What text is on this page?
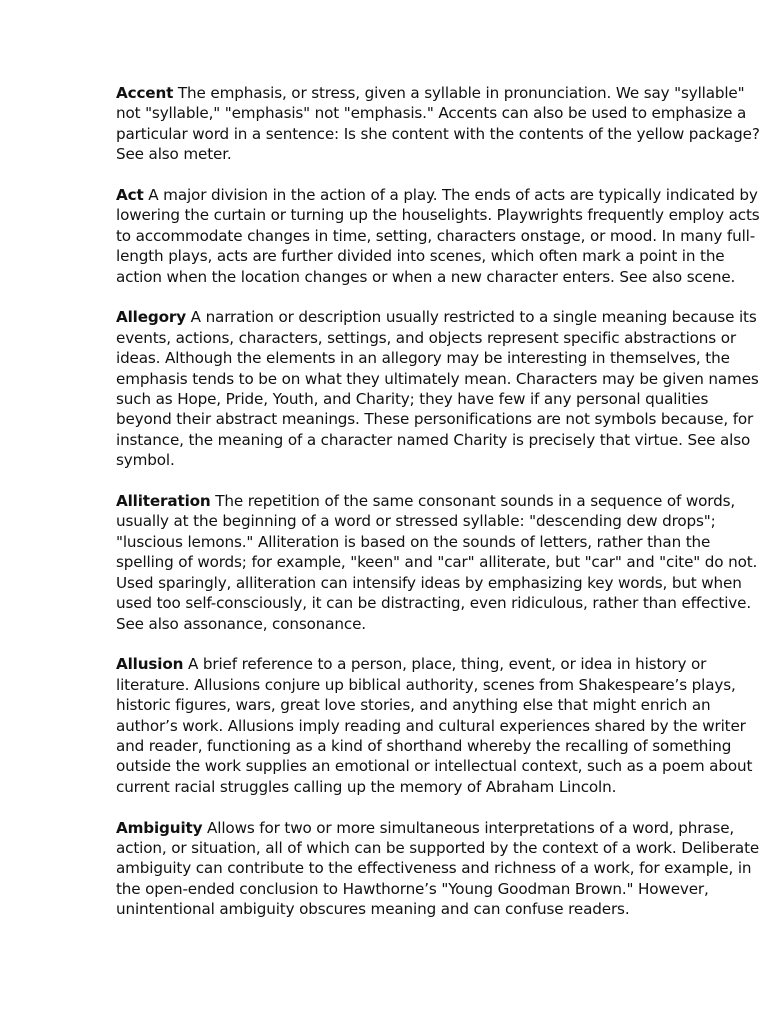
Accent The emphasis, or stress, given a syllable in pronunciation. We say "syllable" not "syllable," "emphasis" not "emphasis." Accents can also be used to emphasize a particular word in a sentence: Is she content with the contents of the yellow package? See also meter.

Act A major division in the action of a play. The ends of acts are typically indicated by lowering the curtain or turning up the houselights. Playwrights frequently employ acts to accommodate changes in time, setting, characters onstage, or mood. In many full-length plays, acts are further divided into scenes, which often mark a point in the action when the location changes or when a new character enters. See also scene.

Allegory A narration or description usually restricted to a single meaning because its events, actions, characters, settings, and objects represent specific abstractions or ideas. Although the elements in an allegory may be interesting in themselves, the emphasis tends to be on what they ultimately mean. Characters may be given names such as Hope, Pride, Youth, and Charity; they have few if any personal qualities beyond their abstract meanings. These personifications are not symbols because, for instance, the meaning of a character named Charity is precisely that virtue. See also symbol.

Alliteration The repetition of the same consonant sounds in a sequence of words, usually at the beginning of a word or stressed syllable: "descending dew drops"; "luscious lemons." Alliteration is based on the sounds of letters, rather than the spelling of words; for example, "keen" and "car" alliterate, but "car" and "cite" do not. Used sparingly, alliteration can intensify ideas by emphasizing key words, but when used too self-consciously, it can be distracting, even ridiculous, rather than effective. See also assonance, consonance.

Allusion A brief reference to a person, place, thing, event, or idea in history or literature. Allusions conjure up biblical authority, scenes from Shakespeare’s plays, historic figures, wars, great love stories, and anything else that might enrich an author’s work. Allusions imply reading and cultural experiences shared by the writer and reader, functioning as a kind of shorthand whereby the recalling of something outside the work supplies an emotional or intellectual context, such as a poem about current racial struggles calling up the memory of Abraham Lincoln.

Ambiguity Allows for two or more simultaneous interpretations of a word, phrase, action, or situation, all of which can be supported by the context of a work. Deliberate ambiguity can contribute to the effectiveness and richness of a work, for example, in the open-ended conclusion to Hawthorne’s "Young Goodman Brown." However, unintentional ambiguity obscures meaning and can confuse readers.
